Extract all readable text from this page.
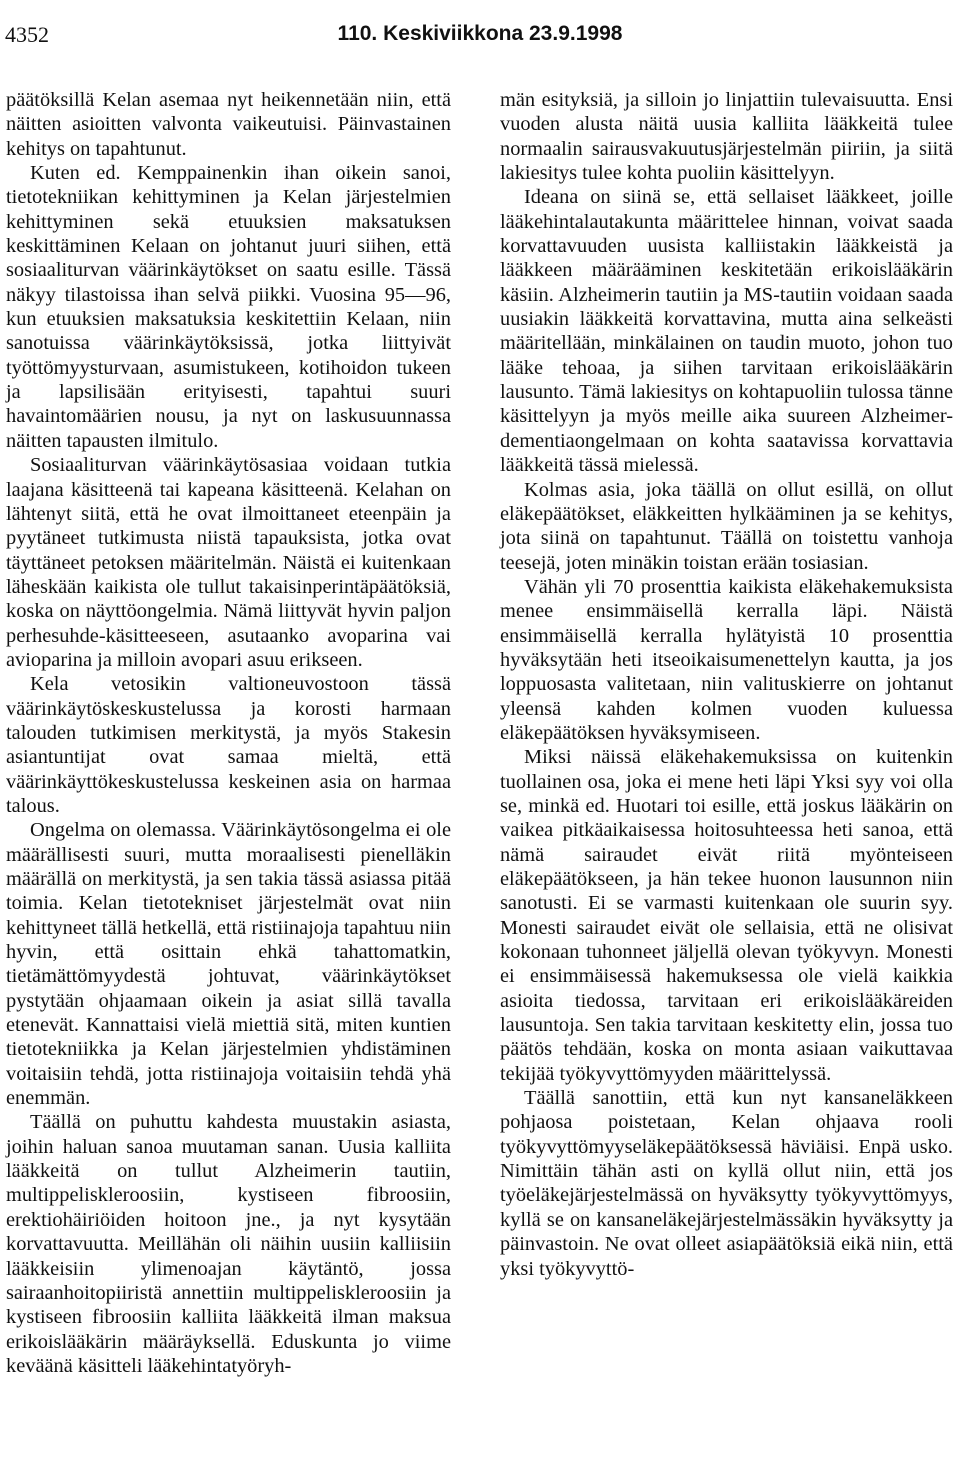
4352	110. Keskiviikkona 23.9.1998

päätöksillä Kelan asemaa nyt heikennetään niin, että näitten asioitten valvonta vaikeutuisi. Päinvastainen kehitys on tapahtunut.

Kuten ed. Kemppainenkin ihan oikein sanoi, tietotekniikan kehittyminen ja Kelan järjestelmien kehittyminen sekä etuuksien maksatuksen keskittäminen Kelaan on johtanut juuri siihen, että sosiaaliturvan väärinkäytökset on saatu esille. Tässä näkyy tilastoissa ihan selvä piikki. Vuosina 95—96, kun etuuksien maksatuksia keskitettiin Kelaan, niin sanotuissa väärinkäytöksissä, jotka liittyivät työttömyysturvaan, asumistukeen, kotihoidon tukeen ja lapsilisään erityisesti, tapahtui suuri havaintomäärien nousu, ja nyt on laskusuunnassa näitten tapausten ilmitulo.

Sosiaaliturvan väärinkäytösasiaa voidaan tutkia laajana käsitteenä tai kapeana käsitteenä. Kelahan on lähtenyt siitä, että he ovat ilmoittaneet eteenpäin ja pyytäneet tutkimusta niistä tapauksista, jotka ovat täyttäneet petoksen määritelmän. Näistä ei kuitenkaan läheskään kaikista ole tullut takaisinperintäpäätöksiä, koska on näyttöongelmia. Nämä liittyvät hyvin paljon perhesuhde-käsitteeseen, asutaanko avoparina vai avioparina ja milloin avopari asuu erikseen.

Kela vetosikin valtioneuvostoon tässä väärinkäytöskeskustelussa ja korosti harmaan talouden tutkimisen merkitystä, ja myös Stakesin asiantuntijat ovat samaa mieltä, että väärinkäyttökeskustelussa keskeinen asia on harmaa talous.

Ongelma on olemassa. Väärinkäytösongelma ei ole määrällisesti suuri, mutta moraalisesti pienelläkin määrällä on merkitystä, ja sen takia tässä asiassa pitää toimia. Kelan tietotekniset järjestelmät ovat niin kehittyneet tällä hetkellä, että ristiinajoja tapahtuu niin hyvin, että osittain ehkä tahattomatkin, tietämättömyydestä johtuvat, väärinkäytökset pystytään ohjaamaan oikein ja asiat sillä tavalla etenevät. Kannattaisi vielä miettiä sitä, miten kuntien tietotekniikka ja Kelan järjestelmien yhdistäminen voitaisiin tehdä, jotta ristiinajoja voitaisiin tehdä yhä enemmän.

Täällä on puhuttu kahdesta muustakin asiasta, joihin haluan sanoa muutaman sanan. Uusia kalliita lääkkeitä on tullut Alzheimerin tautiin, multippeliskleroosiin, kystiseen fibroosiin, erektiohäiriöiden hoitoon jne., ja nyt kysytään korvattavuutta. Meillähän oli näihin uusiin kalliisiin lääkkeisiin ylimenoajan käytäntö, jossa sairaanhoitopiiristä annettiin multippeliskleroosiin ja kystiseen fibroosiin kalliita lääkkeitä ilman maksua erikoislääkärin määräyksellä. Eduskunta jo viime keväänä käsitteli lääkehintatyöryh-

män esityksiä, ja silloin jo linjattiin tulevaisuutta. Ensi vuoden alusta näitä uusia kalliita lääkkeitä tulee normaalin sairausvakuutusjärjestelmän piiriin, ja siitä lakiesitys tulee kohta puoliin käsittelyyn.

Ideana on siinä se, että sellaiset lääkkeet, joille lääkehintalautakunta määrittelee hinnan, voivat saada korvattavuuden uusista kalliistakin lääkkeistä ja lääkkeen määrääminen keskitetään erikoislääkärin käsiin. Alzheimerin tautiin ja MS-tautiin voidaan saada uusiakin lääkkeitä korvattavina, mutta aina selkeästi määritellään, minkälainen on taudin muoto, johon tuo lääke tehoaa, ja siihen tarvitaan erikoislääkärin lausunto. Tämä lakiesitys on kohtapuoliin tulossa tänne käsittelyyn ja myös meille aika suureen Alzheimer-dementiaongelmaan on kohta saatavissa korvattavia lääkkeitä tässä mielessä.

Kolmas asia, joka täällä on ollut esillä, on ollut eläkepäätökset, eläkkeitten hylkääminen ja se kehitys, jota siinä on tapahtunut. Täällä on toistettu vanhoja teesejä, joten minäkin toistan erään tosiasian.

Vähän yli 70 prosenttia kaikista eläkehakemuksista menee ensimmäisellä kerralla läpi. Näistä ensimmäisellä kerralla hylätyistä 10 prosenttia hyväksytään heti itseoikaisumenettelyn kautta, ja jos loppuosasta valitetaan, niin valituskierre on johtanut yleensä kahden kolmen vuoden kuluessa eläkepäätöksen hyväksymiseen.

Miksi näissä eläkehakemuksissa on kuitenkin tuollainen osa, joka ei mene heti läpi Yksi syy voi olla se, minkä ed. Huotari toi esille, että joskus lääkärin on vaikea pitkäaikaisessa hoitosuhteessa heti sanoa, että nämä sairaudet eivät riitä myönteiseen eläkepäätökseen, ja hän tekee huonon lausunnon niin sanotusti. Ei se varmasti kuitenkaan ole suurin syy. Monesti sairaudet eivät ole sellaisia, että ne olisivat kokonaan tuhonneet jäljellä olevan työkyvyn. Monesti ei ensimmäisessä hakemuksessa ole vielä kaikkia asioita tiedossa, tarvitaan eri erikoislääkäreiden lausuntoja. Sen takia tarvitaan keskitetty elin, jossa tuo päätös tehdään, koska on monta asiaan vaikuttavaa tekijää työkyvyttömyyden määrittelyssä.

Täällä sanottiin, että kun nyt kansaneläkkeen pohjaosa poistetaan, Kelan ohjaava rooli työkyvyttömyyseläkepäätöksessä häviäisi. Enpä usko. Nimittäin tähän asti on kyllä ollut niin, että jos työeläkejärjestelmässä on hyväksytty työkyvyttömyys, kyllä se on kansaneläkejärjestelmässäkin hyväksytty ja päinvastoin. Ne ovat olleet asiapäätöksiä eikä niin, että yksi työkyvyttö-
